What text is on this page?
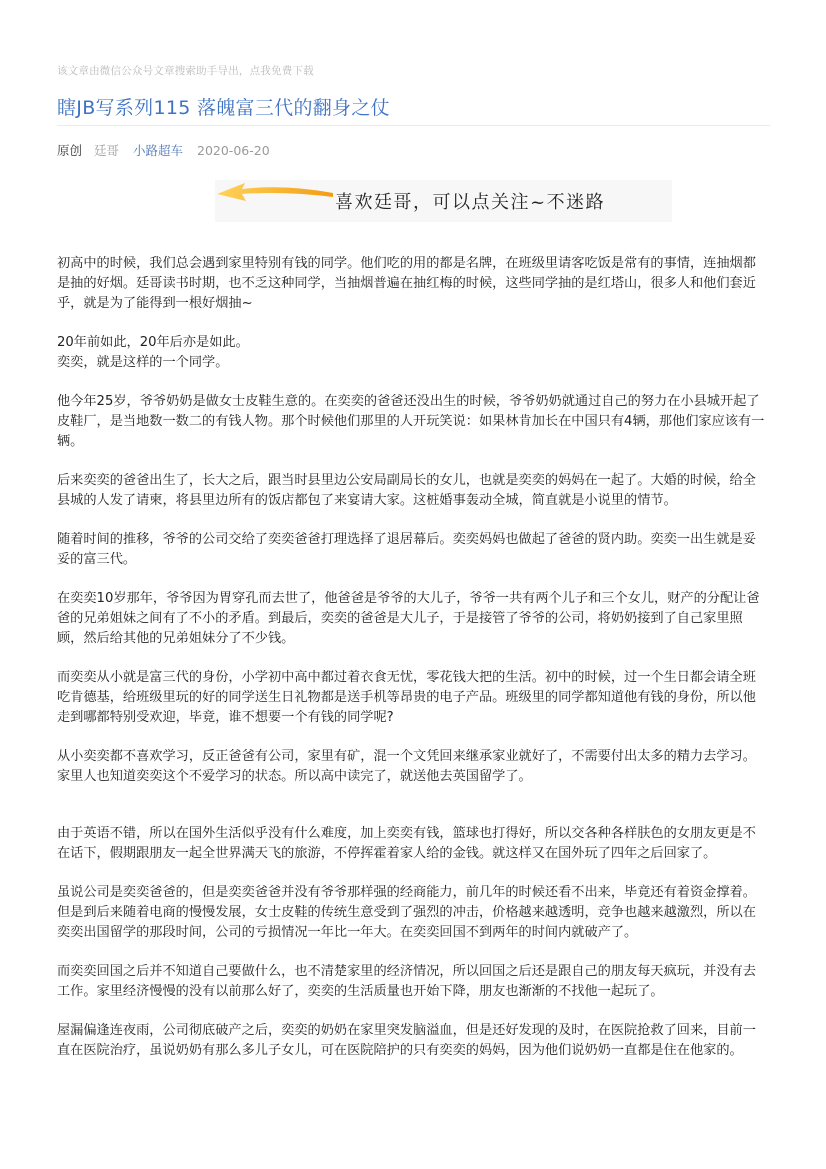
该文章由微信公众号文章搜索助手导出，点我免费下载
瞎JB写系列115 落魄富三代的翻身之仗
原创 廷哥 小路超车 2020-06-20
喜欢廷哥，可以点关注~不迷路

初高中的时候，我们总会遇到家里特别有钱的同学。他们吃的用的都是名牌，在班级里请客吃饭是常有的事情，连抽烟都是抽的好烟。廷哥读书时期，也不乏这种同学，当抽烟普遍在抽红梅的时候，这些同学抽的是红塔山，很多人和他们套近乎，就是为了能得到一根好烟抽~

20年前如此，20年后亦是如此。

奕奕，就是这样的一个同学。

他今年25岁，爷爷奶奶是做女士皮鞋生意的。在奕奕的爸爸还没出生的时候，爷爷奶奶就通过自己的努力在小县城开起了皮鞋厂，是当地数一数二的有钱人物。那个时候他们那里的人开玩笑说：如果林肯加长在中国只有4辆，那他们家应该有一辆。

后来奕奕的爸爸出生了，长大之后，跟当时县里边公安局副局长的女儿，也就是奕奕的妈妈在一起了。大婚的时候，给全县城的人发了请柬，将县里边所有的饭店都包了来宴请大家。这桩婚事轰动全城，简直就是小说里的情节。

随着时间的推移，爷爷的公司交给了奕奕爸爸打理选择了退居幕后。奕奕妈妈也做起了爸爸的贤内助。奕奕一出生就是妥妥的富三代。

在奕奕10岁那年，爷爷因为胃穿孔而去世了，他爸爸是爷爷的大儿子，爷爷一共有两个儿子和三个女儿，财产的分配让爸爸的兄弟姐妹之间有了不小的矛盾。到最后，奕奕的爸爸是大儿子，于是接管了爷爷的公司，将奶奶接到了自己家里照顾，然后给其他的兄弟姐妹分了不少钱。

而奕奕从小就是富三代的身份，小学初中高中都过着衣食无忧，零花钱大把的生活。初中的时候，过一个生日都会请全班吃肯德基，给班级里玩的好的同学送生日礼物都是送手机等昂贵的电子产品。班级里的同学都知道他有钱的身份，所以他走到哪都特别受欢迎，毕竟，谁不想要一个有钱的同学呢?

从小奕奕都不喜欢学习，反正爸爸有公司，家里有矿，混一个文凭回来继承家业就好了，不需要付出太多的精力去学习。家里人也知道奕奕这个不爱学习的状态。所以高中读完了，就送他去英国留学了。

由于英语不错，所以在国外生活似乎没有什么难度，加上奕奕有钱，篮球也打得好，所以交各种各样肤色的女朋友更是不在话下，假期跟朋友一起全世界满天飞的旅游，不停挥霍着家人给的金钱。就这样又在国外玩了四年之后回家了。

虽说公司是奕奕爸爸的，但是奕奕爸爸并没有爷爷那样强的经商能力，前几年的时候还看不出来，毕竟还有着资金撑着。但是到后来随着电商的慢慢发展，女士皮鞋的传统生意受到了强烈的冲击，价格越来越透明，竞争也越来越激烈，所以在奕奕出国留学的那段时间，公司的亏损情况一年比一年大。在奕奕回国不到两年的时间内就破产了。

而奕奕回国之后并不知道自己要做什么，也不清楚家里的经济情况，所以回国之后还是跟自己的朋友每天疯玩，并没有去工作。家里经济慢慢的没有以前那么好了，奕奕的生活质量也开始下降，朋友也渐渐的不找他一起玩了。

屋漏偏逢连夜雨，公司彻底破产之后，奕奕的奶奶在家里突发脑溢血，但是还好发现的及时，在医院抢救了回来，目前一直在医院治疗，虽说奶奶有那么多儿子女儿，可在医院陪护的只有奕奕的妈妈，因为他们说奶奶一直都是住在他家的。
